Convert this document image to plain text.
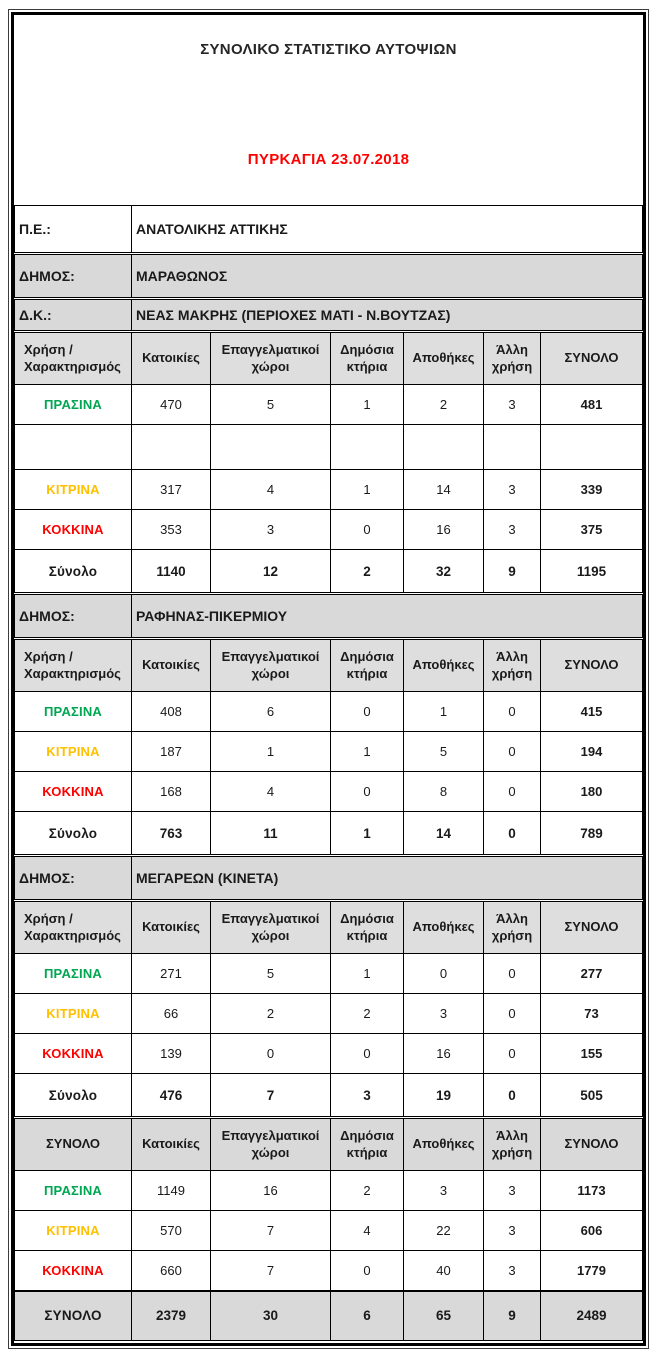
ΣΥΝΟΛΙΚΟ ΣΤΑΤΙΣΤΙΚΟ ΑΥΤΟΨΙΩΝ
ΠΥΡΚΑΓΙΑ 23.07.2018
Π.Ε.:	ΑΝΑΤΟΛΙΚΗΣ ΑΤΤΙΚΗΣ					
ΔΗΜΟΣ:	ΜΑΡΑΘΩΝΟΣ					
Δ.Κ.:	ΝΕΑΣ ΜΑΚΡΗΣ (ΠΕΡΙΟΧΕΣ ΜΑΤΙ - Ν.ΒΟΥΤΖΑΣ)					
Χρήση / Χαρακτηρισμός	Κατοικίες	Επαγγελματικοί χώροι	Δημόσια κτήρια	Αποθήκες	Άλλη χρήση	ΣΥΝΟΛΟ
ΠΡΑΣΙΝΑ	470	5	1	2	3	481

ΚΙΤΡΙΝΑ	317	4	1	14	3	339
ΚΟΚΚΙΝΑ	353	3	0	16	3	375
Σύνολο	1140	12	2	32	9	1195
ΔΗΜΟΣ:	ΡΑΦΗΝΑΣ-ΠΙΚΕΡΜΙΟΥ					
Χρήση / Χαρακτηρισμός	Κατοικίες	Επαγγελματικοί χώροι	Δημόσια κτήρια	Αποθήκες	Άλλη χρήση	ΣΥΝΟΛΟ
ΠΡΑΣΙΝΑ	408	6	0	1	0	415
ΚΙΤΡΙΝΑ	187	1	1	5	0	194
ΚΟΚΚΙΝΑ	168	4	0	8	0	180
Σύνολο	763	11	1	14	0	789
ΔΗΜΟΣ:	ΜΕΓΑΡΕΩΝ (ΚΙΝΕΤΑ)					
Χρήση / Χαρακτηρισμός	Κατοικίες	Επαγγελματικοί χώροι	Δημόσια κτήρια	Αποθήκες	Άλλη χρήση	ΣΥΝΟΛΟ
ΠΡΑΣΙΝΑ	271	5	1	0	0	277
ΚΙΤΡΙΝΑ	66	2	2	3	0	73
ΚΟΚΚΙΝΑ	139	0	0	16	0	155
Σύνολο	476	7	3	19	0	505
ΣΥΝΟΛΟ	Κατοικίες	Επαγγελματικοί χώροι	Δημόσια κτήρια	Αποθήκες	Άλλη χρήση	ΣΥΝΟΛΟ
ΠΡΑΣΙΝΑ	1149	16	2	3	3	1173
ΚΙΤΡΙΝΑ	570	7	4	22	3	606
ΚΟΚΚΙΝΑ	660	7	0	40	3	1779
ΣΥΝΟΛΟ	2379	30	6	65	9	2489
